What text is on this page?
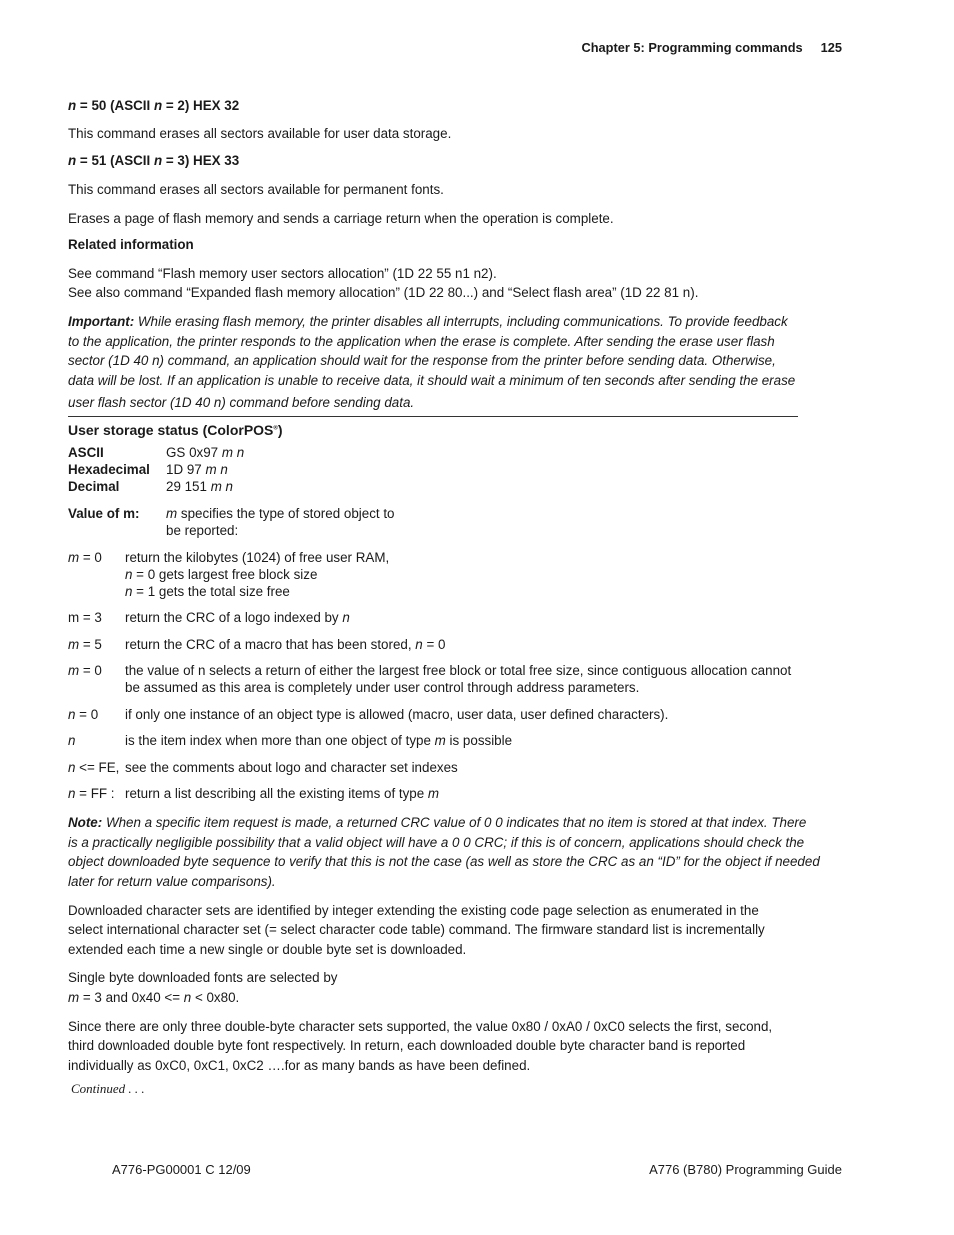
Chapter 5: Programming commands 125
n = 50 (ASCII n = 2) HEX 32
This command erases all sectors available for user data storage.
n = 51 (ASCII n = 3) HEX 33
This command erases all sectors available for permanent fonts.
Erases a page of flash memory and sends a carriage return when the operation is complete.
Related information
See command “Flash memory user sectors allocation” (1D 22 55 n1 n2).
See also command “Expanded flash memory allocation” (1D 22 80...) and “Select flash area” (1D 22 81 n).
Important: While erasing flash memory, the printer disables all interrupts, including communications. To provide feedback
to the application, the printer responds to the application when the erase is complete. After sending the erase user flash
sector (1D 40 n) command, an application should wait for the response from the printer before sending data. Otherwise,
data will be lost. If an application is unable to receive data, it should wait a minimum of ten seconds after sending the erase
user flash sector (1D 40 n) command before sending data.
User storage status (ColorPOS®)
ASCII	GS 0x97 m n
Hexadecimal 1D 97 m n
Decimal	29 151 m n
Value of m: m specifies the type of stored object to
be reported:
m = 0 return the kilobytes (1024) of free user RAM,
n = 0 gets largest free block size
n = 1 gets the total size free
m = 3 return the CRC of a logo indexed by n
m = 5 return the CRC of a macro that has been stored, n = 0
m = 0 the value of n selects a return of either the largest free block or total free size, since contiguous allocation cannot
be assumed as this area is completely under user control through address parameters.
n = 0 if only one instance of an object type is allowed (macro, user data, user defined characters).
n	is the item index when more than one object of type m is possible
n <= FE, see the comments about logo and character set indexes
n = FF : return a list describing all the existing items of type m
Note: When a specific item request is made, a returned CRC value of 0 0 indicates that no item is stored at that index. There
is a practically negligible possibility that a valid object will have a 0 0 CRC; if this is of concern, applications should check the
object downloaded byte sequence to verify that this is not the case (as well as store the CRC as an “ID” for the object if needed
later for return value comparisons).
Downloaded character sets are identified by integer extending the existing code page selection as enumerated in the
select international character set (= select character code table) command. The firmware standard list is incrementally
extended each time a new single or double byte set is downloaded.
Single byte downloaded fonts are selected by
m = 3 and 0x40 <= n < 0x80.
Since there are only three double-byte character sets supported, the value 0x80 / 0xA0 / 0xC0 selects the first, second,
third downloaded double byte font respectively. In return, each downloaded double byte character band is reported
individually as 0xC0, 0xC1, 0xC2 ….for as many bands as have been defined.
Continued . . .
A776-PG00001 C 12/09	A776 (B780) Programming Guide
